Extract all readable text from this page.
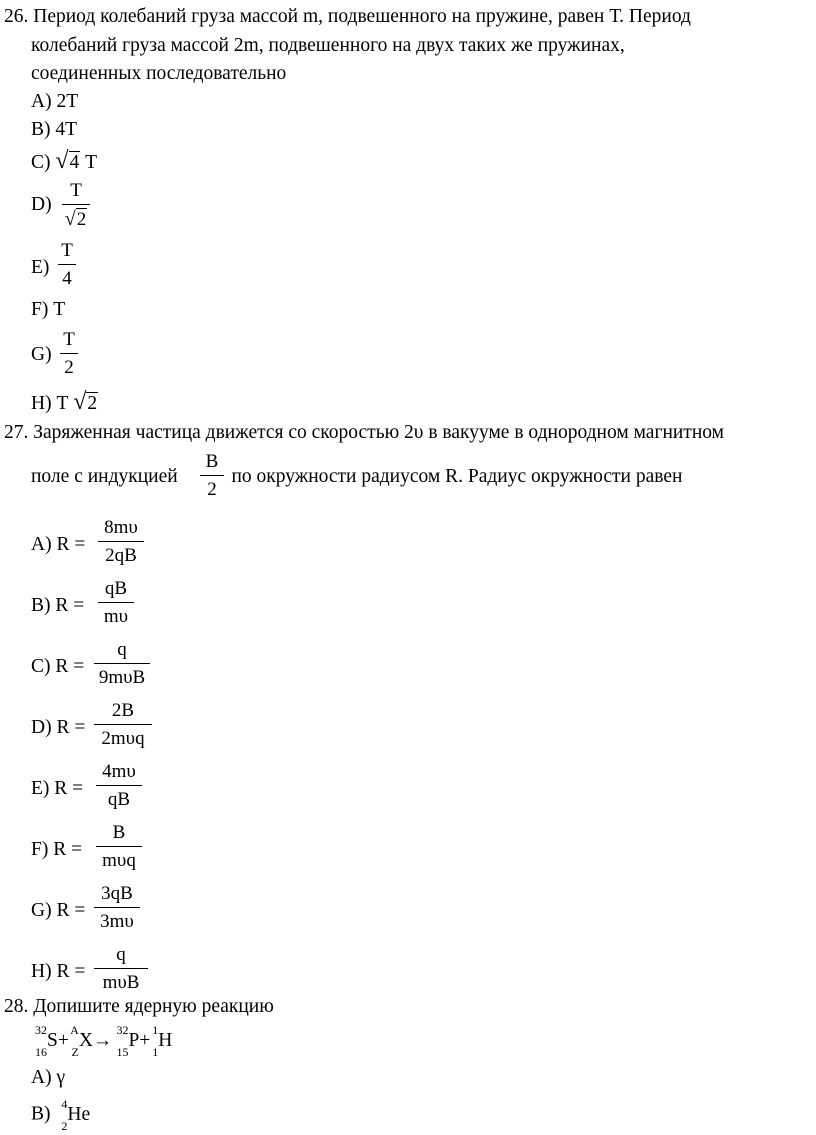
26. Период колебаний груза массой m, подвешенного на пружине, равен Т. Период
колебаний груза массой 2m, подвешенного на двух таких же пружинах,
соединенных последовательно
А) 2Т
В) 4Т
С) √4 Т
D)
Т
√2
E)
Т
4
F) Т
G)
Т
2
H) Т √2
27. Заряженная частица движется со скоростью 2υ в вакууме в однородном магнитном
поле с индукцией	по окружности радиусом R. Радиус окружности равен
B
2
A) R =
8mυ
2qB
B) R =
qB
mυ
C) R =
q
9mυB
D) R =
2B
2mυq
E) R =
4mυ
qB
F) R =
B
mυq
G) R =
3qB
3mυ
H) R =
q
mυB
28. Допишите ядерную реакцию
32
16
S+ A
Z
X→ 32
15
P+ 1
1
H
А) γ
В) 4
2
He
